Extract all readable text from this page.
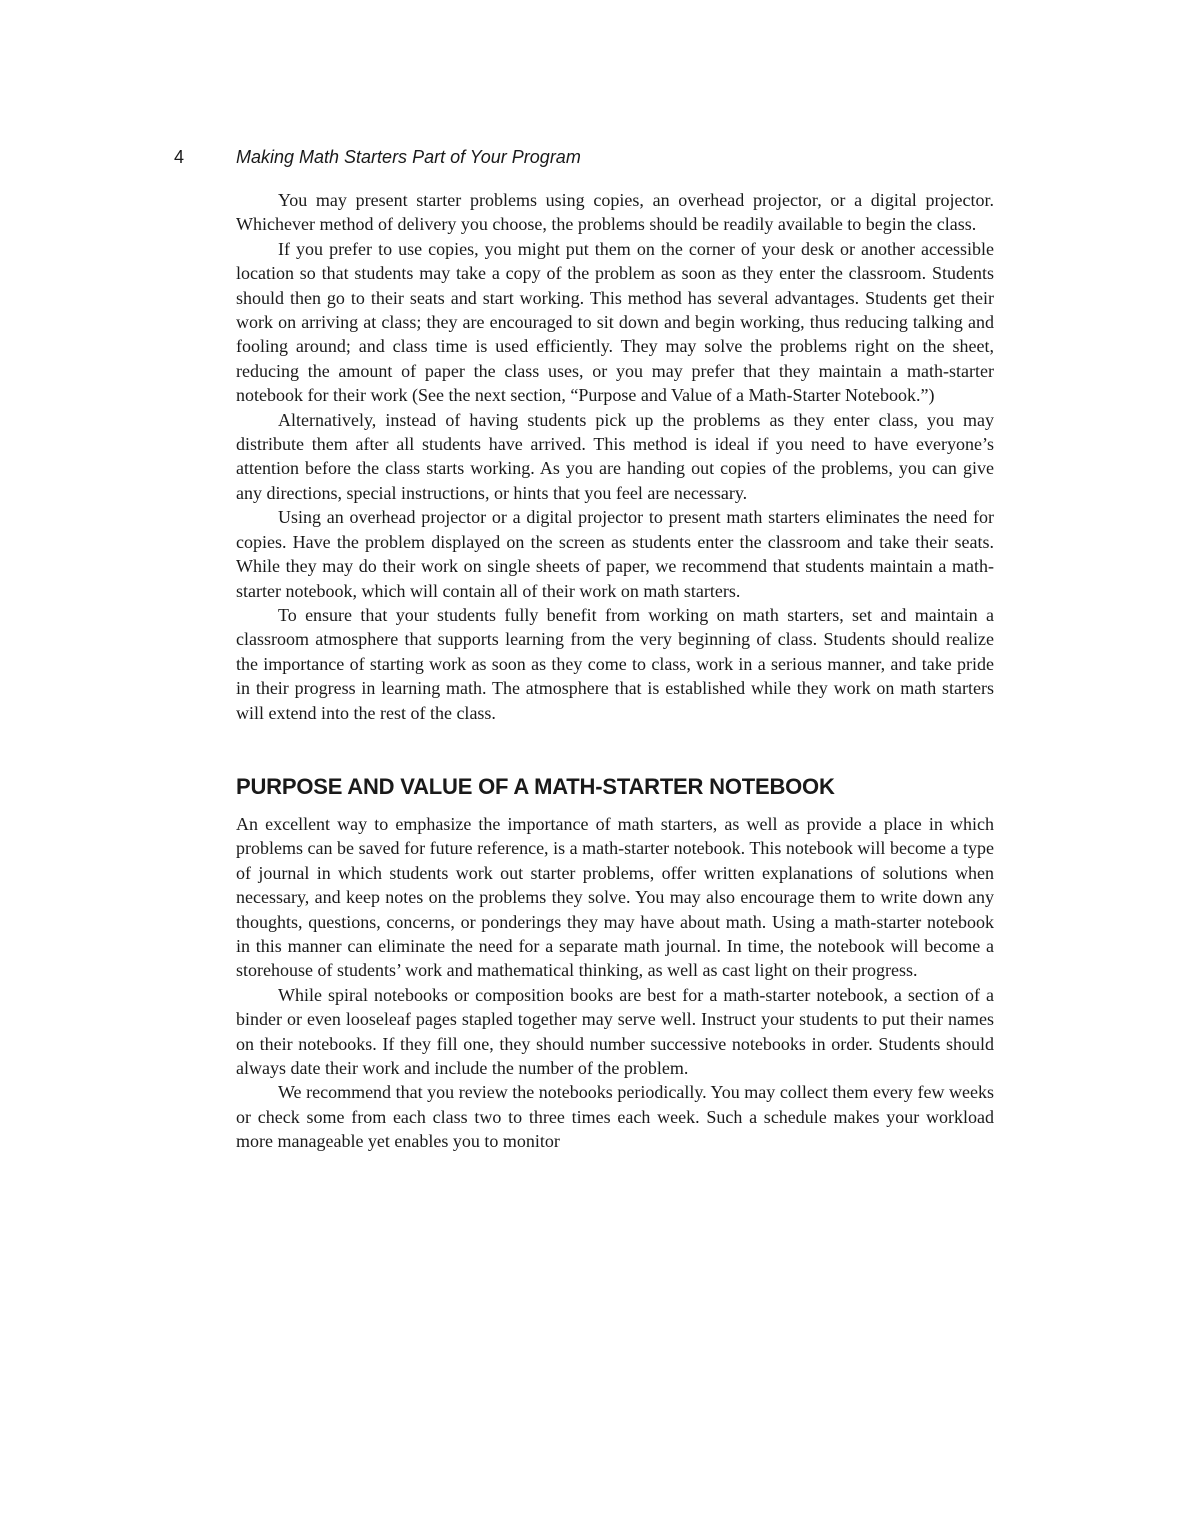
4	Making Math Starters Part of Your Program

You may present starter problems using copies, an overhead projector, or a digital projector. Whichever method of delivery you choose, the problems should be readily available to begin the class.

If you prefer to use copies, you might put them on the corner of your desk or another accessible location so that students may take a copy of the problem as soon as they enter the classroom. Students should then go to their seats and start working. This method has several advantages. Students get their work on arriving at class; they are encouraged to sit down and begin working, thus reducing talking and fooling around; and class time is used efficiently. They may solve the problems right on the sheet, reducing the amount of paper the class uses, or you may prefer that they maintain a math-starter notebook for their work (See the next section, “Purpose and Value of a Math-Starter Notebook.”)

Alternatively, instead of having students pick up the problems as they enter class, you may distribute them after all students have arrived. This method is ideal if you need to have everyone’s attention before the class starts working. As you are handing out copies of the problems, you can give any directions, special instructions, or hints that you feel are necessary.

Using an overhead projector or a digital projector to present math starters eliminates the need for copies. Have the problem displayed on the screen as students enter the classroom and take their seats. While they may do their work on single sheets of paper, we recommend that students maintain a math-starter notebook, which will contain all of their work on math starters.

To ensure that your students fully benefit from working on math starters, set and maintain a classroom atmosphere that supports learning from the very beginning of class. Students should realize the importance of starting work as soon as they come to class, work in a serious manner, and take pride in their progress in learning math. The atmosphere that is established while they work on math starters will extend into the rest of the class.

PURPOSE AND VALUE OF A MATH-STARTER NOTEBOOK

An excellent way to emphasize the importance of math starters, as well as provide a place in which problems can be saved for future reference, is a math-starter notebook. This notebook will become a type of journal in which students work out starter problems, offer written explanations of solutions when necessary, and keep notes on the problems they solve. You may also encourage them to write down any thoughts, questions, concerns, or ponderings they may have about math. Using a math-starter notebook in this manner can eliminate the need for a separate math journal. In time, the notebook will become a storehouse of students’ work and mathematical thinking, as well as cast light on their progress.

While spiral notebooks or composition books are best for a math-starter notebook, a section of a binder or even looseleaf pages stapled together may serve well. Instruct your students to put their names on their notebooks. If they fill one, they should number successive notebooks in order. Students should always date their work and include the number of the problem.

We recommend that you review the notebooks periodically. You may collect them every few weeks or check some from each class two to three times each week. Such a schedule makes your workload more manageable yet enables you to monitor
